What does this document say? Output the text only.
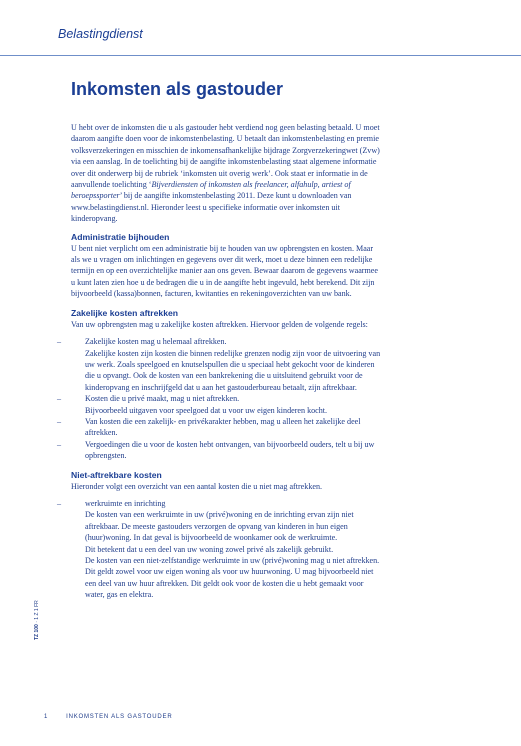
Belastingdienst
Inkomsten als gastouder

U hebt over de inkomsten die u als gastouder hebt verdiend nog geen belasting betaald. U moet daarom aangifte doen voor de inkomstenbelasting. U betaalt dan inkomstenbelasting en premie volksverzekeringen en misschien de inkomensafhankelijke bijdrage Zorgverzekeringwet (Zvw) via een aanslag. In de toelichting bij de aangifte inkomstenbelasting staat algemene informatie over dit onderwerp bij de rubriek ‘inkomsten uit overig werk’. Ook staat er informatie in de aanvullende toelichting ‘Bijverdiensten of inkomsten als freelancer, alfahulp, artiest of beroepssporter’ bij de aangifte inkomstenbelasting 2011. Deze kunt u downloaden van www.belastingdienst.nl. Hieronder leest u specifieke informatie over inkomsten uit kinderopvang.

Administratie bijhouden

U bent niet verplicht om een administratie bij te houden van uw opbrengsten en kosten. Maar als we u vragen om inlichtingen en gegevens over dit werk, moet u deze binnen een redelijke termijn en op een overzichtelijke manier aan ons geven. Bewaar daarom de gegevens waarmee u kunt laten zien hoe u de bedragen die u in de aangifte hebt ingevuld, hebt berekend. Dit zijn bijvoorbeeld (kassa)bonnen, facturen, kwitanties en rekeningoverzichten van uw bank.

Zakelijke kosten aftrekken

Van uw opbrengsten mag u zakelijke kosten aftrekken. Hiervoor gelden de volgende regels:

– Zakelijke kosten mag u helemaal aftrekken.
Zakelijke kosten zijn kosten die binnen redelijke grenzen nodig zijn voor de uitvoering van uw werk. Zoals speelgoed en knutselspullen die u speciaal hebt gekocht voor de kinderen die u opvangt. Ook de kosten van een bankrekening die u uitsluitend gebruikt voor de kinderopvang en inschrijfgeld dat u aan het gastouderbureau betaalt, zijn aftrekbaar.
– Kosten die u privé maakt, mag u niet aftrekken.
Bijvoorbeeld uitgaven voor speelgoed dat u voor uw eigen kinderen kocht.
– Van kosten die een zakelijk- en privékarakter hebben, mag u alleen het zakelijke deel aftrekken.
– Vergoedingen die u voor de kosten hebt ontvangen, van bijvoorbeeld ouders, telt u bij uw opbrengsten.
Niet-aftrekbare kosten

Hieronder volgt een overzicht van een aantal kosten die u niet mag aftrekken.

– werkruimte en inrichting
De kosten van een werkruimte in uw (privé)woning en de inrichting ervan zijn niet aftrekbaar. De meeste gastouders verzorgen de opvang van kinderen in hun eigen (huur)woning. In dat geval is bijvoorbeeld de woonkamer ook de werkruimte.
Dit betekent dat u een deel van uw woning zowel privé als zakelijk gebruikt.
De kosten van een niet-zelfstandige werkruimte in uw (privé)woning mag u niet aftrekken. Dit geldt zowel voor uw eigen woning als voor uw huurwoning. U mag bijvoorbeeld niet een deel van uw huur aftrekken. Dit geldt ook voor de kosten die u hebt gemaakt voor water, gas en elektra.
TZ 100 · 1 Z 1 FR
1	INKOMSTEN ALS GASTOUDER
